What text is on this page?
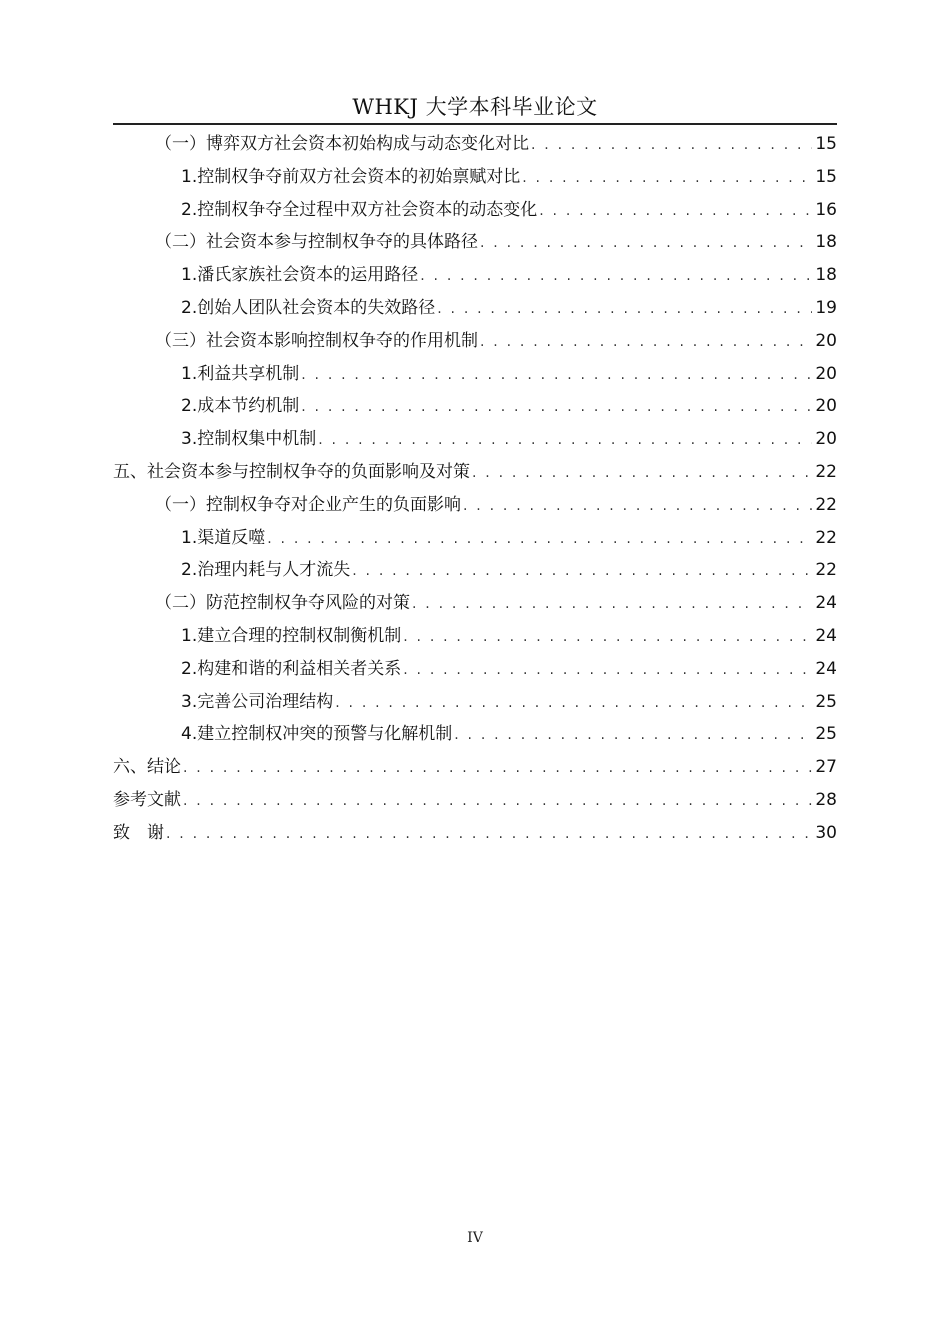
WHKJ 大学本科毕业论文
（一）博弈双方社会资本初始构成与动态变化对比 . . .	15
1.控制权争夺前双方社会资本的初始禀赋对比 . . .	15
2.控制权争夺全过程中双方社会资本的动态变化 . . .	16
（二）社会资本参与控制权争夺的具体路径 . . .	18
1.潘氏家族社会资本的运用路径 . . .	18
2.创始人团队社会资本的失效路径 . . .	19
（三）社会资本影响控制权争夺的作用机制 . . .	20
1.利益共享机制 . . .	20
2.成本节约机制 . . .	20
3.控制权集中机制 . . .	20
五、社会资本参与控制权争夺的负面影响及对策 . . .	22
（一）控制权争夺对企业产生的负面影响 . . .	22
1.渠道反噬 . . .	22
2.治理内耗与人才流失 . . .	22
（二）防范控制权争夺风险的对策 . . .	24
1.建立合理的控制权制衡机制 . . .	24
2.构建和谐的利益相关者关系 . . .	24
3.完善公司治理结构 . . .	25
4.建立控制权冲突的预警与化解机制 . . .	25
六、结论 . . .	27
参考文献 . . .	28
致　谢 . . .	30
IV
